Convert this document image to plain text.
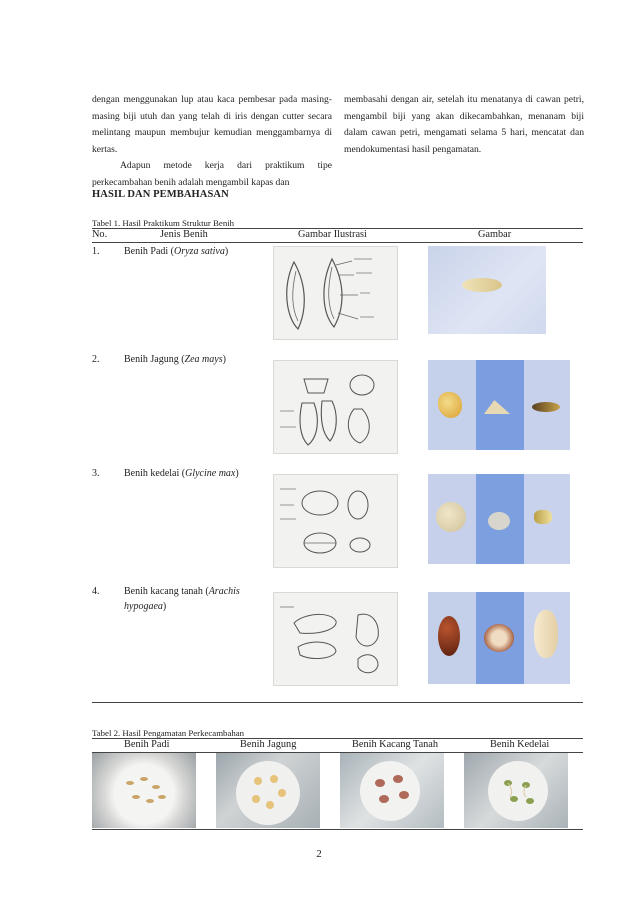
dengan menggunakan lup atau kaca pembesar pada masing-masing biji utuh dan yang telah di iris dengan cutter secara melintang maupun membujur kemudian menggambarnya di kertas.

Adapun metode kerja dari praktikum tipe perkecambahan benih adalah mengambil kapas dan

membasahi dengan air, setelah itu menatanya di cawan petri, mengambil biji yang akan dikecambahkan, menanam biji dalam cawan petri, mengamati selama 5 hari, mencatat dan mendokumentasi hasil pengamatan.

HASIL DAN PEMBAHASAN
Tabel 1. Hasil Praktikum Struktur Benih
No.	Jenis Benih	Gambar Ilustrasi	Gambar
1. Benih Padi (Oryza sativa)
2. Benih Jagung (Zea mays)
3. Benih kedelai (Glycine max)
4. Benih kacang tanah (Arachis hypogaea)
Tabel 2. Hasil Pengamatan Perkecambahan
Benih Padi	Benih Jagung	Benih Kacang Tanah	Benih Kedelai
2
